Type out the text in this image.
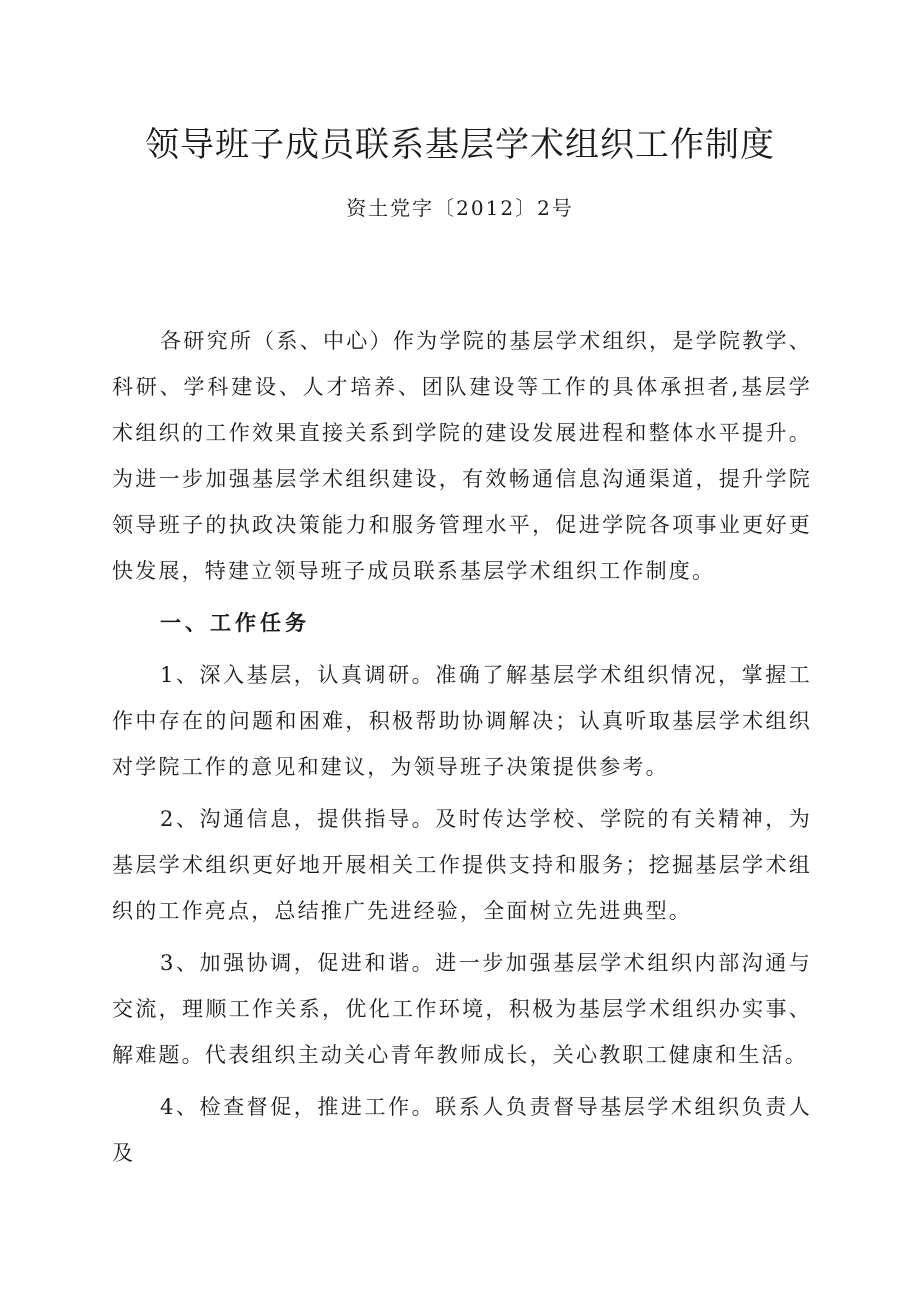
领导班子成员联系基层学术组织工作制度

资土党字〔2012〕2号

各研究所（系、中心）作为学院的基层学术组织，是学院教学、科研、学科建设、人才培养、团队建设等工作的具体承担者,基层学术组织的工作效果直接关系到学院的建设发展进程和整体水平提升。为进一步加强基层学术组织建设，有效畅通信息沟通渠道，提升学院领导班子的执政决策能力和服务管理水平，促进学院各项事业更好更快发展，特建立领导班子成员联系基层学术组织工作制度。

一、工作任务

1、深入基层，认真调研。准确了解基层学术组织情况，掌握工作中存在的问题和困难，积极帮助协调解决；认真听取基层学术组织对学院工作的意见和建议，为领导班子决策提供参考。

2、沟通信息，提供指导。及时传达学校、学院的有关精神，为基层学术组织更好地开展相关工作提供支持和服务；挖掘基层学术组织的工作亮点，总结推广先进经验，全面树立先进典型。

3、加强协调，促进和谐。进一步加强基层学术组织内部沟通与交流，理顺工作关系，优化工作环境，积极为基层学术组织办实事、解难题。代表组织主动关心青年教师成长，关心教职工健康和生活。

4、检查督促，推进工作。联系人负责督导基层学术组织负责人及
